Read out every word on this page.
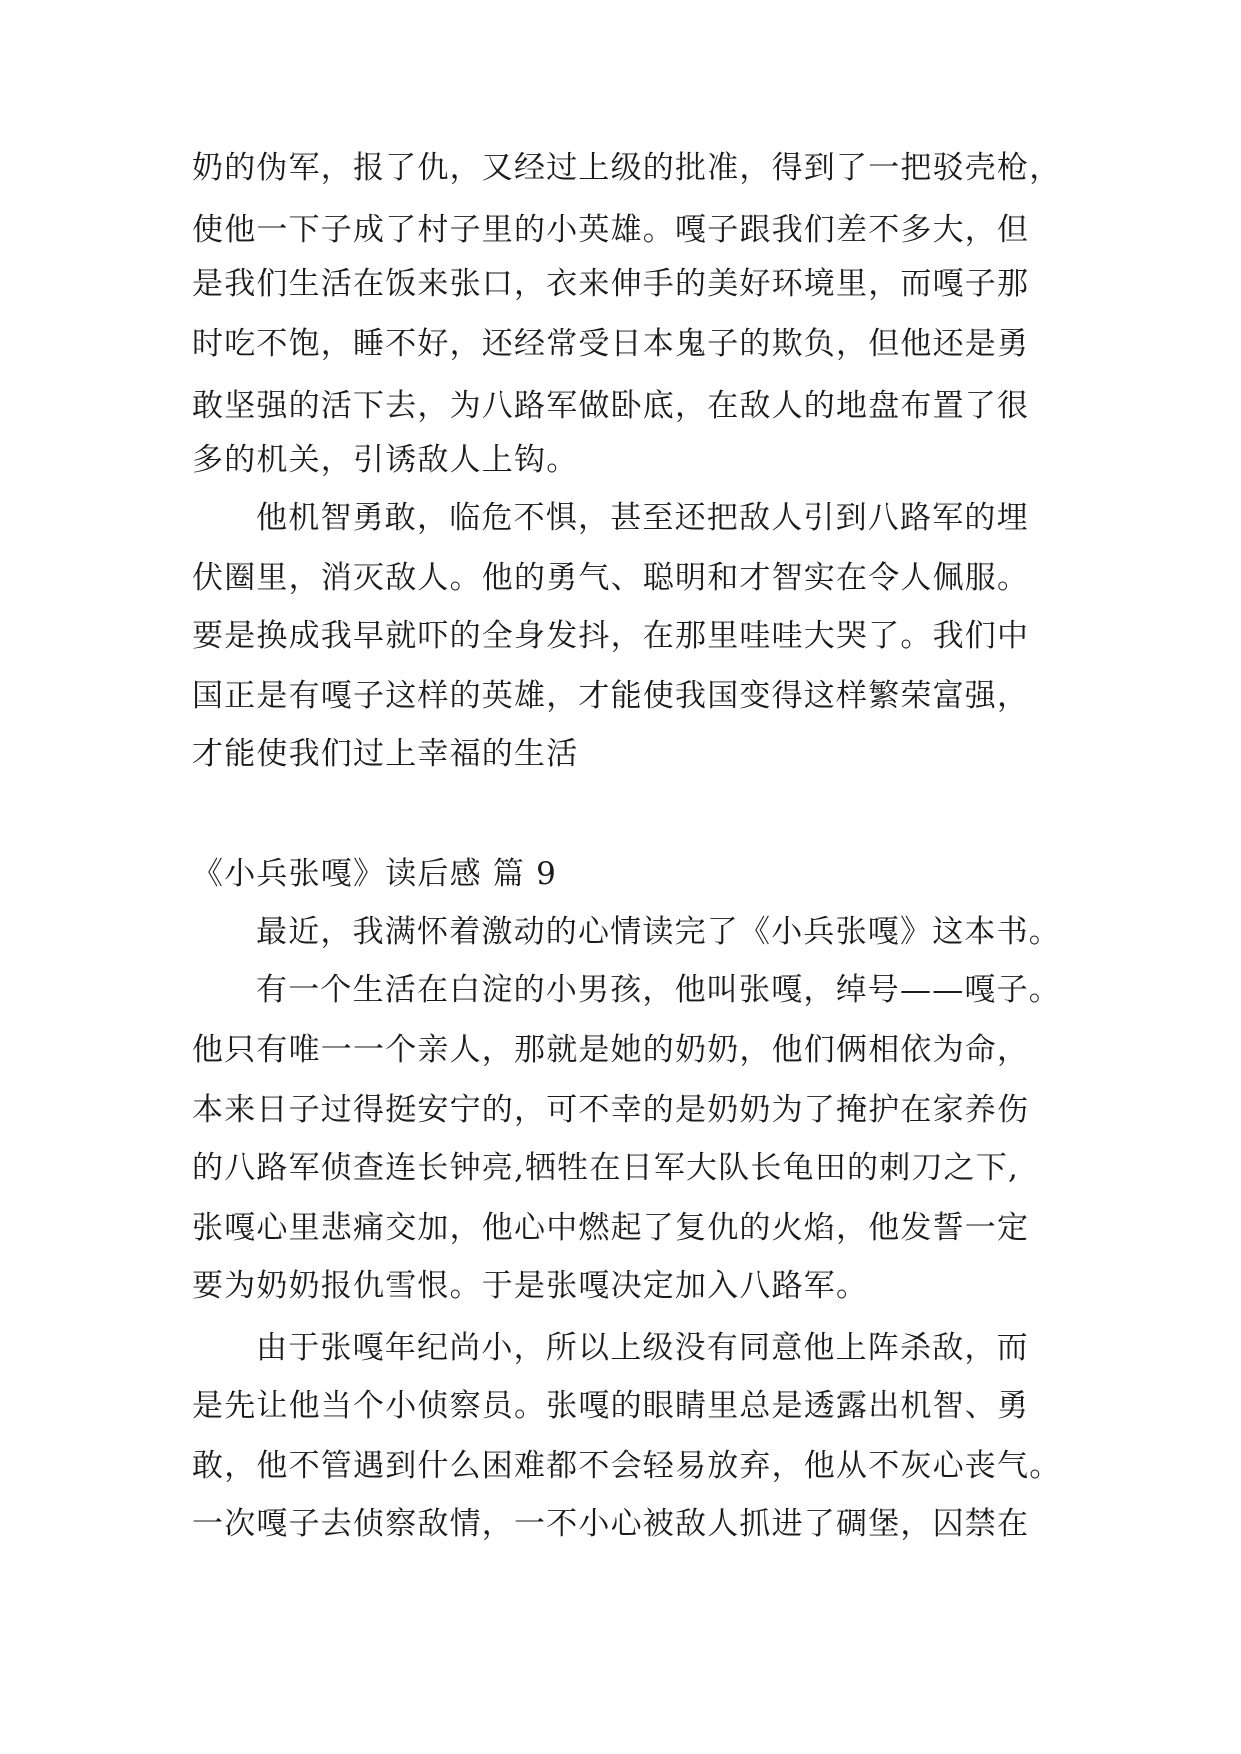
奶的伪军，报了仇，又经过上级的批准，得到了一把驳壳枪，
使他一下子成了村子里的小英雄。嘎子跟我们差不多大，但
是我们生活在饭来张口，衣来伸手的美好环境里，而嘎子那
时吃不饱，睡不好，还经常受日本鬼子的欺负，但他还是勇
敢坚强的活下去，为八路军做卧底，在敌人的地盘布置了很
多的机关，引诱敌人上钩。
他机智勇敢，临危不惧，甚至还把敌人引到八路军的埋
伏圈里，消灭敌人。他的勇气、聪明和才智实在令人佩服。
要是换成我早就吓的全身发抖，在那里哇哇大哭了。我们中
国正是有嘎子这样的英雄，才能使我国变得这样繁荣富强，
才能使我们过上幸福的生活
《小兵张嘎》读后感 篇 9
最近，我满怀着激动的心情读完了《小兵张嘎》这本书。
有一个生活在白淀的小男孩，他叫张嘎，绰号——嘎子。
他只有唯一一个亲人，那就是她的奶奶，他们俩相依为命，
本来日子过得挺安宁的，可不幸的是奶奶为了掩护在家养伤
的八路军侦查连长钟亮,牺牲在日军大队长龟田的刺刀之下,
张嘎心里悲痛交加，他心中燃起了复仇的火焰，他发誓一定
要为奶奶报仇雪恨。于是张嘎决定加入八路军。
由于张嘎年纪尚小，所以上级没有同意他上阵杀敌，而
是先让他当个小侦察员。张嘎的眼睛里总是透露出机智、勇
敢，他不管遇到什么困难都不会轻易放弃，他从不灰心丧气。
一次嘎子去侦察敌情，一不小心被敌人抓进了碉堡，囚禁在
